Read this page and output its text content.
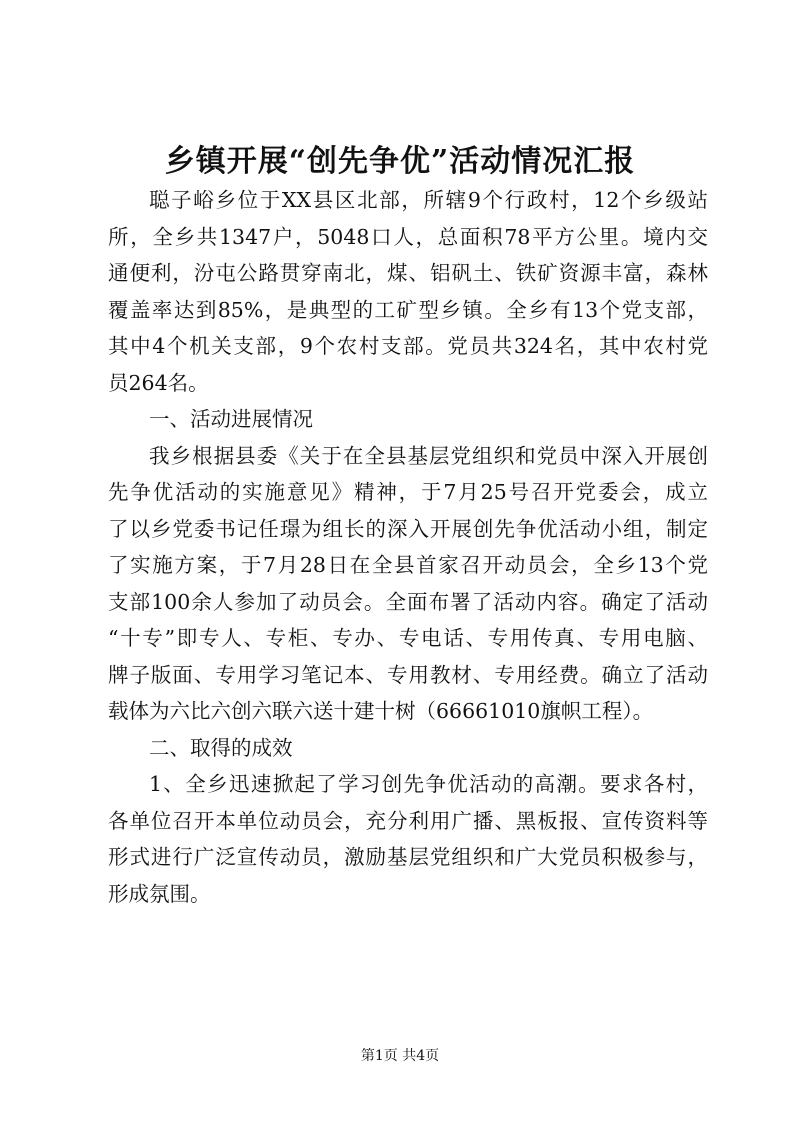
乡镇开展“创先争优”活动情况汇报
聪子峪乡位于XX县区北部，所辖9个行政村，12个乡级站
所，全乡共1347户，5048口人，总面积78平方公里。境内交
通便利，汾屯公路贯穿南北，煤、铝矾土、铁矿资源丰富，森林
覆盖率达到85%，是典型的工矿型乡镇。全乡有13个党支部，
其中4个机关支部，9个农村支部。党员共324名，其中农村党
员264名。
一、活动进展情况
我乡根据县委《关于在全县基层党组织和党员中深入开展创
先争优活动的实施意见》精神，于7月25号召开党委会，成立
了以乡党委书记任璟为组长的深入开展创先争优活动小组，制定
了实施方案，于7月28日在全县首家召开动员会，全乡13个党
支部100余人参加了动员会。全面布署了活动内容。确定了活动
“十专”即专人、专柜、专办、专电话、专用传真、专用电脑、
牌子版面、专用学习笔记本、专用教材、专用经费。确立了活动
载体为六比六创六联六送十建十树（66661010旗帜工程）。
二、取得的成效
1、全乡迅速掀起了学习创先争优活动的高潮。要求各村，
各单位召开本单位动员会，充分利用广播、黑板报、宣传资料等
形式进行广泛宣传动员，激励基层党组织和广大党员积极参与，
形成氛围。
第1页 共4页
